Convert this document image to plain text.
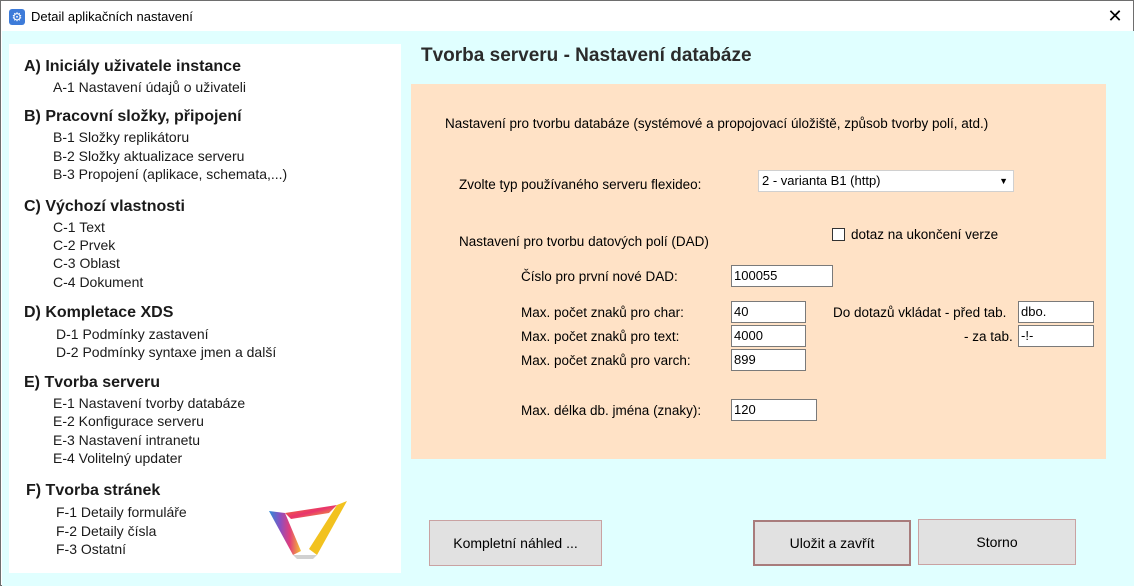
⚙ Detail aplikačních nastavení	✕
A) Iniciály uživatele instance
A-1 Nastavení údajů o uživateli
B) Pracovní složky, připojení
B-1 Složky replikátoru
B-2 Složky aktualizace serveru
B-3 Propojení (aplikace, schemata,...)
C) Výchozí vlastnosti
C-1 Text
C-2 Prvek
C-3 Oblast
C-4 Dokument
D) Kompletace XDS
D-1 Podmínky zastavení
D-2 Podmínky syntaxe jmen a další
E) Tvorba serveru
E-1 Nastavení tvorby databáze
E-2 Konfigurace serveru
E-3 Nastavení intranetu
E-4 Volitelný updater
F) Tvorba stránek
F-1 Detaily formuláře
F-2 Detaily čísla
F-3 Ostatní
Tvorba serveru - Nastavení databáze
Nastavení pro tvorbu databáze (systémové a propojovací úložiště, způsob tvorby polí, atd.)
Zvolte typ používaného serveru flexideo:	2 - varianta B1 (http)	▼
Nastavení pro tvorbu datových polí (DAD)	dotaz na ukončení verze
Číslo pro první nové DAD:	100055
Max. počet znaků pro char:	40
Max. počet znaků pro text:	4000
Max. počet znaků pro varch:	899
Max. délka db. jména (znaky):	120
Do dotazů vkládat - před tab. dbo.
- za tab. -!-
Kompletní náhled ...	Uložit a zavřít	Storno
